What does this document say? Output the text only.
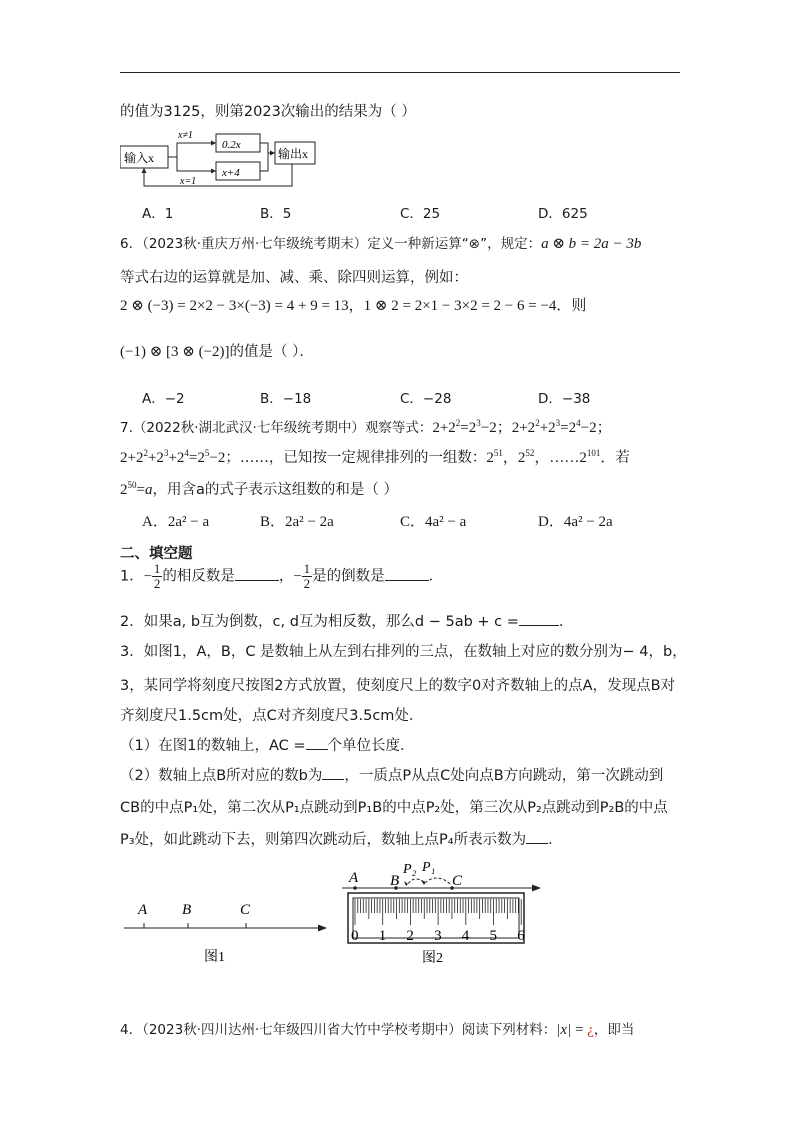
的值为3125，则第2023次输出的结果为（ ）
输入x
x≠1
0.2x
x=1
x+4
输出x
A．1	B．5	C．25	D．625
6．（2023秋·重庆万州·七年级统考期末）定义一种新运算“⊗”，规定：a ⊗ b = 2a − 3b
等式右边的运算就是加、减、乘、除四则运算，例如：
2 ⊗ (−3) = 2×2 − 3×(−3) = 4 + 9 = 13，1 ⊗ 2 = 2×1 − 3×2 = 2 − 6 = −4．则
(−1) ⊗ [3 ⊗ (−2)]的值是（ ）．
A．−2	B．−18	C．−28	D．−38
7.（2022秋·湖北武汉·七年级统考期中）观察等式：$2+2^2=2^3-2$；$2+2^2+2^3=2^4-2$；
$2+2^2+2^3+2^4=2^5-2$；……，已知按一定规律排列的一组数：$2^{51}$，$2^{52}$，$\dots\dots 2^{101}$．若
$2^{50}=a$，用含a的式子表示这组数的和是（ ）
A．2a² − a	B．2a² − 2a	C．4a² − a	D．4a² − 2a
二、填空题
1．− $\frac{1}{2}$ 的相反数是	，− $\frac{1}{2}$ 是的倒数是	．
2．如果a, b互为倒数，c, d互为相反数，那么d − 5ab + c =	．
3．如图1，A，B，C 是数轴上从左到右排列的三点，在数轴上对应的数分别为− 4，b，
3，某同学将刻度尺按图2方式放置，使刻度尺上的数字0对齐数轴上的点A，发现点B对
齐刻度尺1.5cm处，点C对齐刻度尺3.5cm处．
（1）在图1的数轴上，AC = 个单位长度．
（2）数轴上点B所对应的数b为 ，一质点P从点C处向点B方向跳动，第一次跳动到
CB的中点P₁处，第二次从P₁点跳动到P₁B的中点P₂处，第三次从P₂点跳动到P₂B的中点
P₃处，如此跳动下去，则第四次跳动后，数轴上点P₄所表示数为 ．
A B	C
图1
A B
P₂ P₁
C
0 1 2 3 4 5 6
图2
4．（2023秋·四川达州·七年级四川省大竹中学校考期中）阅读下列材料：|x| = ¿，即当
